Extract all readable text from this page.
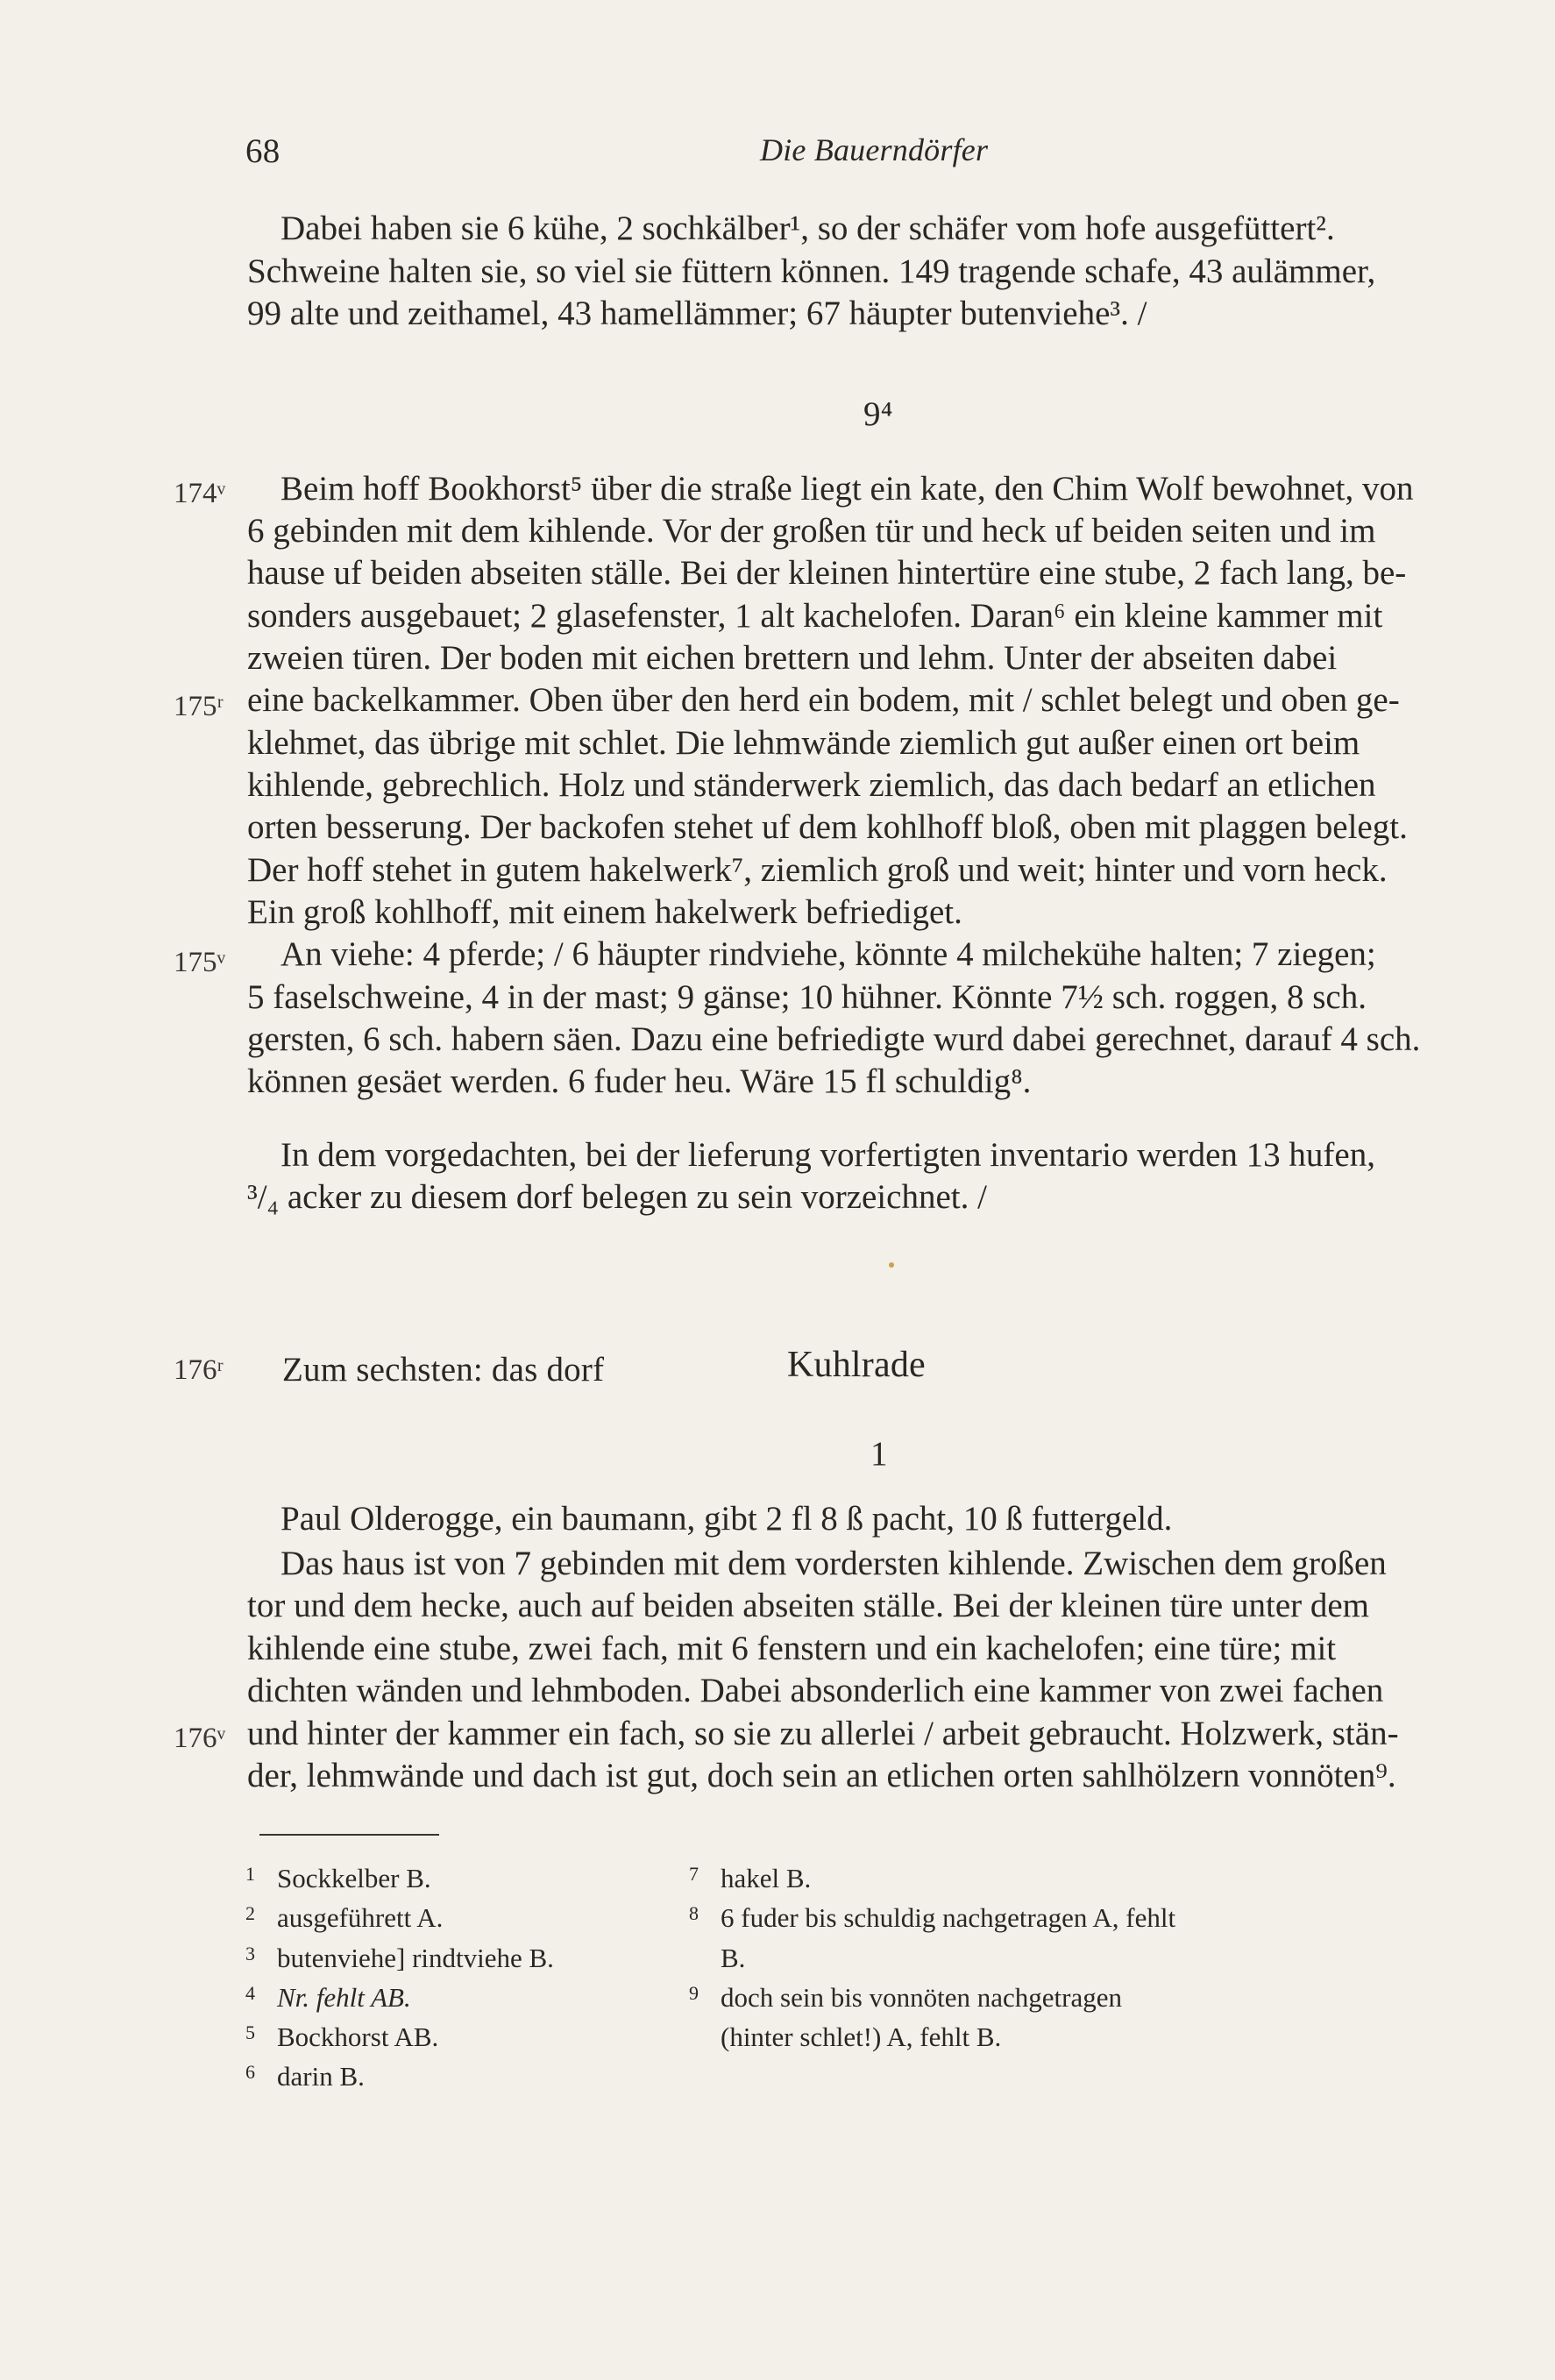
68	Die Bauerndörfer
Dabei haben sie 6 kühe, 2 sochkälber¹, so der schäfer vom hofe ausgefüttert².
Schweine halten sie, so viel sie füttern können. 149 tragende schafe, 43 aulämmer,
99 alte und zeithamel, 43 hamellämmer; 67 häupter butenviehe³. /
9⁴
174ᵛ
175ʳ
175ᵛ
176ʳ
176ᵛ
Beim hoff Bookhorst⁵ über die straße liegt ein kate, den Chim Wolf bewohnet, von
6 gebinden mit dem kihlende. Vor der großen tür und heck uf beiden seiten und im
hause uf beiden abseiten ställe. Bei der kleinen hintertüre eine stube, 2 fach lang, be-
sonders ausgebauet; 2 glasefenster, 1 alt kachelofen. Daran⁶ ein kleine kammer mit
zweien türen. Der boden mit eichen brettern und lehm. Unter der abseiten dabei
eine backelkammer. Oben über den herd ein bodem, mit / schlet belegt und oben ge-
klehmet, das übrige mit schlet. Die lehmwände ziemlich gut außer einen ort beim
kihlende, gebrechlich. Holz und ständerwerk ziemlich, das dach bedarf an etlichen
orten besserung. Der backofen stehet uf dem kohlhoff bloß, oben mit plaggen belegt.
Der hoff stehet in gutem hakelwerk⁷, ziemlich groß und weit; hinter und vorn heck.
Ein groß kohlhoff, mit einem hakelwerk befriediget.
An viehe: 4 pferde; / 6 häupter rindviehe, könnte 4 milchekühe halten; 7 ziegen;
5 faselschweine, 4 in der mast; 9 gänse; 10 hühner. Könnte 7½ sch. roggen, 8 sch.
gersten, 6 sch. habern säen. Dazu eine befriedigte wurd dabei gerechnet, darauf 4 sch.
können gesäet werden. 6 fuder heu. Wäre 15 fl schuldig⁸.
In dem vorgedachten, bei der lieferung vorfertigten inventario werden 13 hufen,
³/₄ acker zu diesem dorf belegen zu sein vorzeichnet. /
Zum sechsten: das dorf	Kuhlrade
1
Paul Olderogge, ein baumann, gibt 2 fl 8 ß pacht, 10 ß futtergeld.
Das haus ist von 7 gebinden mit dem vordersten kihlende. Zwischen dem großen
tor und dem hecke, auch auf beiden abseiten ställe. Bei der kleinen türe unter dem
kihlende eine stube, zwei fach, mit 6 fenstern und ein kachelofen; eine türe; mit
dichten wänden und lehmboden. Dabei absonderlich eine kammer von zwei fachen
und hinter der kammer ein fach, so sie zu allerlei / arbeit gebraucht. Holzwerk, stän-
der, lehmwände und dach ist gut, doch sein an etlichen orten sahlhölzern vonnöten⁹.
1 Sockkelber B.
2 ausgeführett A.
3 butenviehe] rindtviehe B.
4 Nr. fehlt AB.
5 Bockhorst AB.
6 darin B.
7 hakel B.
8 6 fuder bis schuldig nachgetragen A, fehlt
B.
9 doch sein bis vonnöten nachgetragen
(hinter schlet!) A, fehlt B.
